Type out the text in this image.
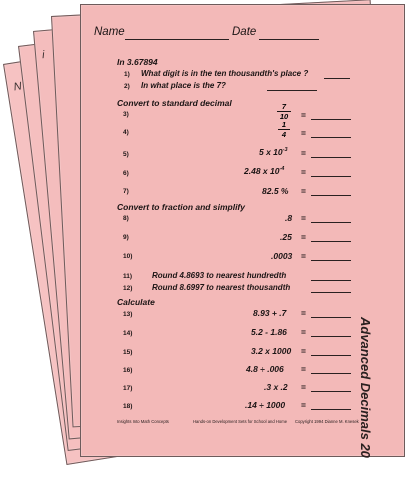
N
i
Name	Date
In 3.67894
1) What digit is in the ten thousandth's place ?
2) In what place is the 7?
Convert to standard decimal
3)
7
10	=
4)
1
4	=
5)	5 x $10^{-3}$ =
6)	2.48 x $10^{-4}$ =
7)	82.5 % =
Convert to fraction and simplify
8)	.8 =
9)	.25 =
10)	.0003 =
11) Round 4.8693 to nearest hundredth
12) Round 8.6997 to nearest thousandth
Calculate
13)	8.93 + .7 =
14)	5.2 - 1.86 =
15)	3.2 x 1000 =
16)	4.8 ÷ .006 =
17)	.3 x .2 =
18)	.14 ÷ 1000 =	Advanced Decimals 20
Insights Into Math Concepts	Hands-on Development Sets for School and Home Copyright 1994 Dianne M. Knesek
